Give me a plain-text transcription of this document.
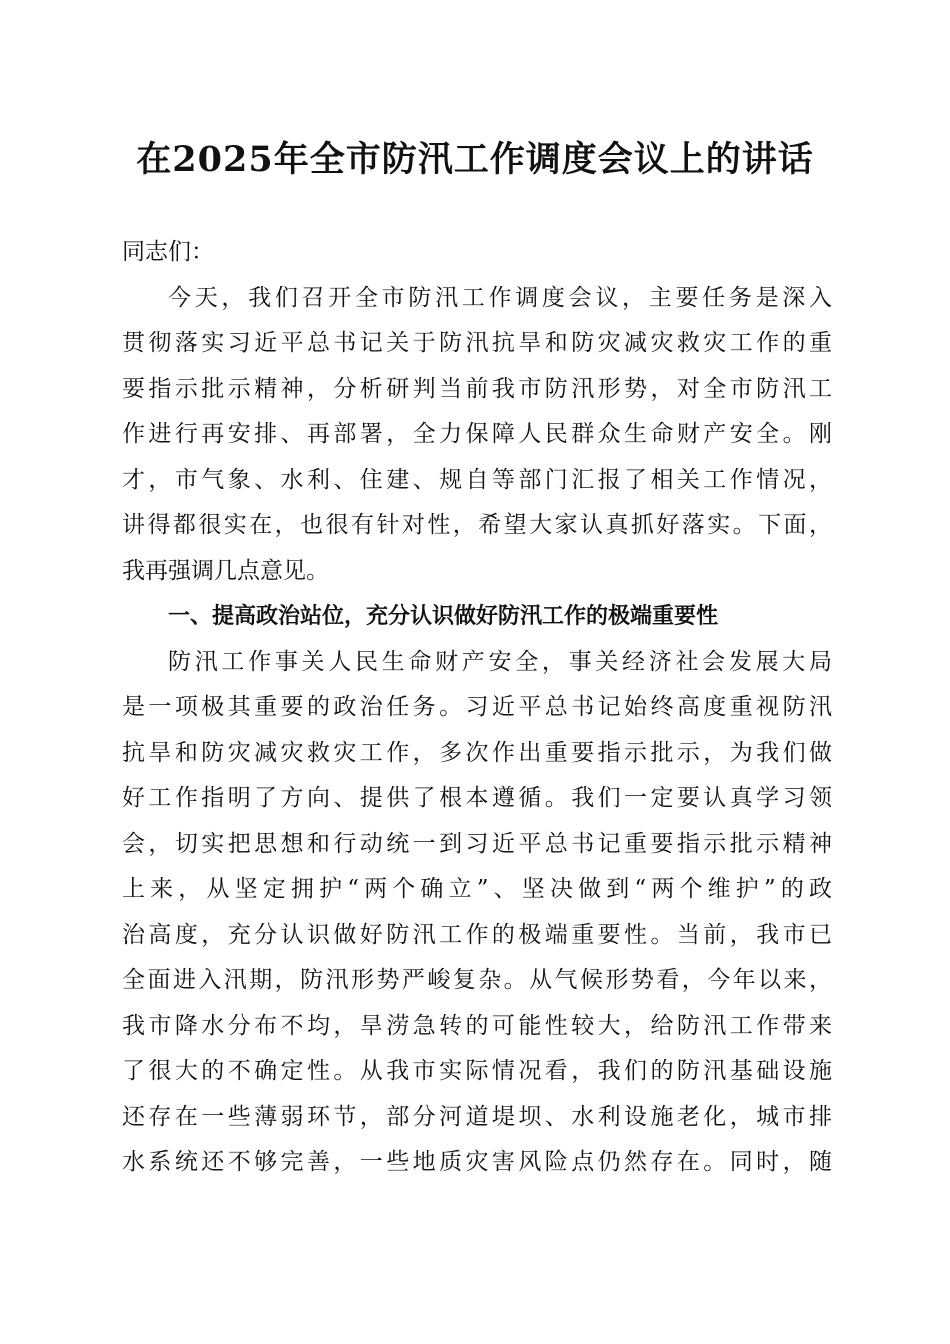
在2025年全市防汛工作调度会议上的讲话
同志们：
今天，我们召开全市防汛工作调度会议，主要任务是深入
贯彻落实习近平总书记关于防汛抗旱和防灾减灾救灾工作的重
要指示批示精神，分析研判当前我市防汛形势，对全市防汛工
作进行再安排、再部署，全力保障人民群众生命财产安全。刚
才，市气象、水利、住建、规自等部门汇报了相关工作情况，
讲得都很实在，也很有针对性，希望大家认真抓好落实。下面，
我再强调几点意见。
一、提高政治站位，充分认识做好防汛工作的极端重要性
防汛工作事关人民生命财产安全，事关经济社会发展大局
是一项极其重要的政治任务。习近平总书记始终高度重视防汛
抗旱和防灾减灾救灾工作，多次作出重要指示批示，为我们做
好工作指明了方向、提供了根本遵循。我们一定要认真学习领
会，切实把思想和行动统一到习近平总书记重要指示批示精神
上来，从坚定拥护“两个确立”、坚决做到“两个维护”的政
治高度，充分认识做好防汛工作的极端重要性。当前，我市已
全面进入汛期，防汛形势严峻复杂。从气候形势看，今年以来，
我市降水分布不均，旱涝急转的可能性较大，给防汛工作带来
了很大的不确定性。从我市实际情况看，我们的防汛基础设施
还存在一些薄弱环节，部分河道堤坝、水利设施老化，城市排
水系统还不够完善，一些地质灾害风险点仍然存在。同时，随
